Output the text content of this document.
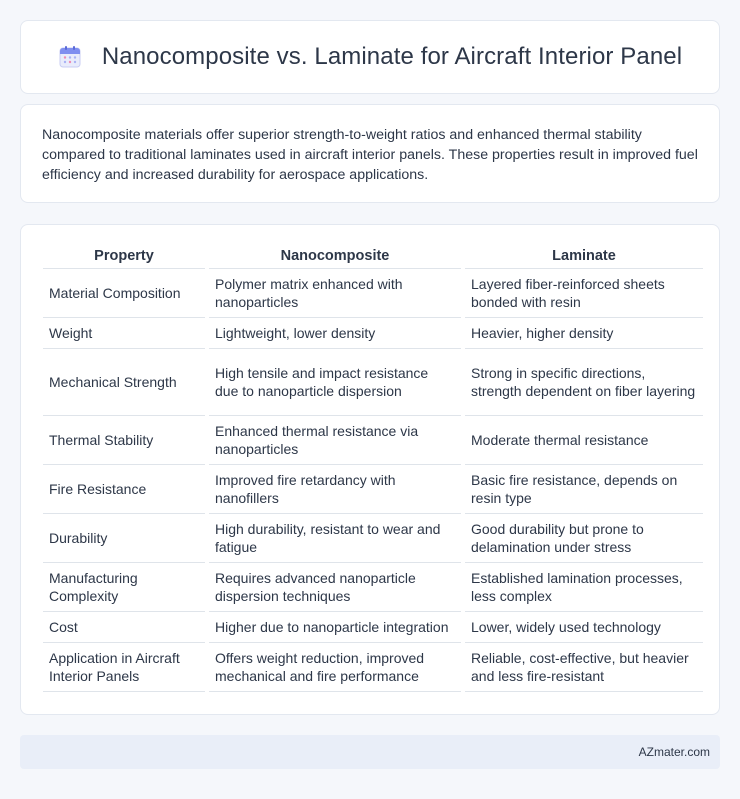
Nanocomposite vs. Laminate for Aircraft Interior Panel

Nanocomposite materials offer superior strength-to-weight ratios and enhanced thermal stability compared to traditional laminates used in aircraft interior panels. These properties result in improved fuel efficiency and increased durability for aerospace applications.

Property	Nanocomposite	Laminate
Material Composition	Polymer matrix enhanced with nanoparticles	Layered fiber-reinforced sheets bonded with resin
Weight	Lightweight, lower density	Heavier, higher density
Mechanical Strength	High tensile and impact resistance due to nanoparticle dispersion	Strong in specific directions, strength dependent on fiber layering
Thermal Stability	Enhanced thermal resistance via nanoparticles	Moderate thermal resistance
Fire Resistance	Improved fire retardancy with nanofillers	Basic fire resistance, depends on resin type
Durability	High durability, resistant to wear and fatigue	Good durability but prone to delamination under stress
Manufacturing Complexity	Requires advanced nanoparticle dispersion techniques	Established lamination processes, less complex
Cost	Higher due to nanoparticle integration	Lower, widely used technology
Application in Aircraft Interior Panels	Offers weight reduction, improved mechanical and fire performance	Reliable, cost-effective, but heavier and less fire-resistant
AZmater.com
